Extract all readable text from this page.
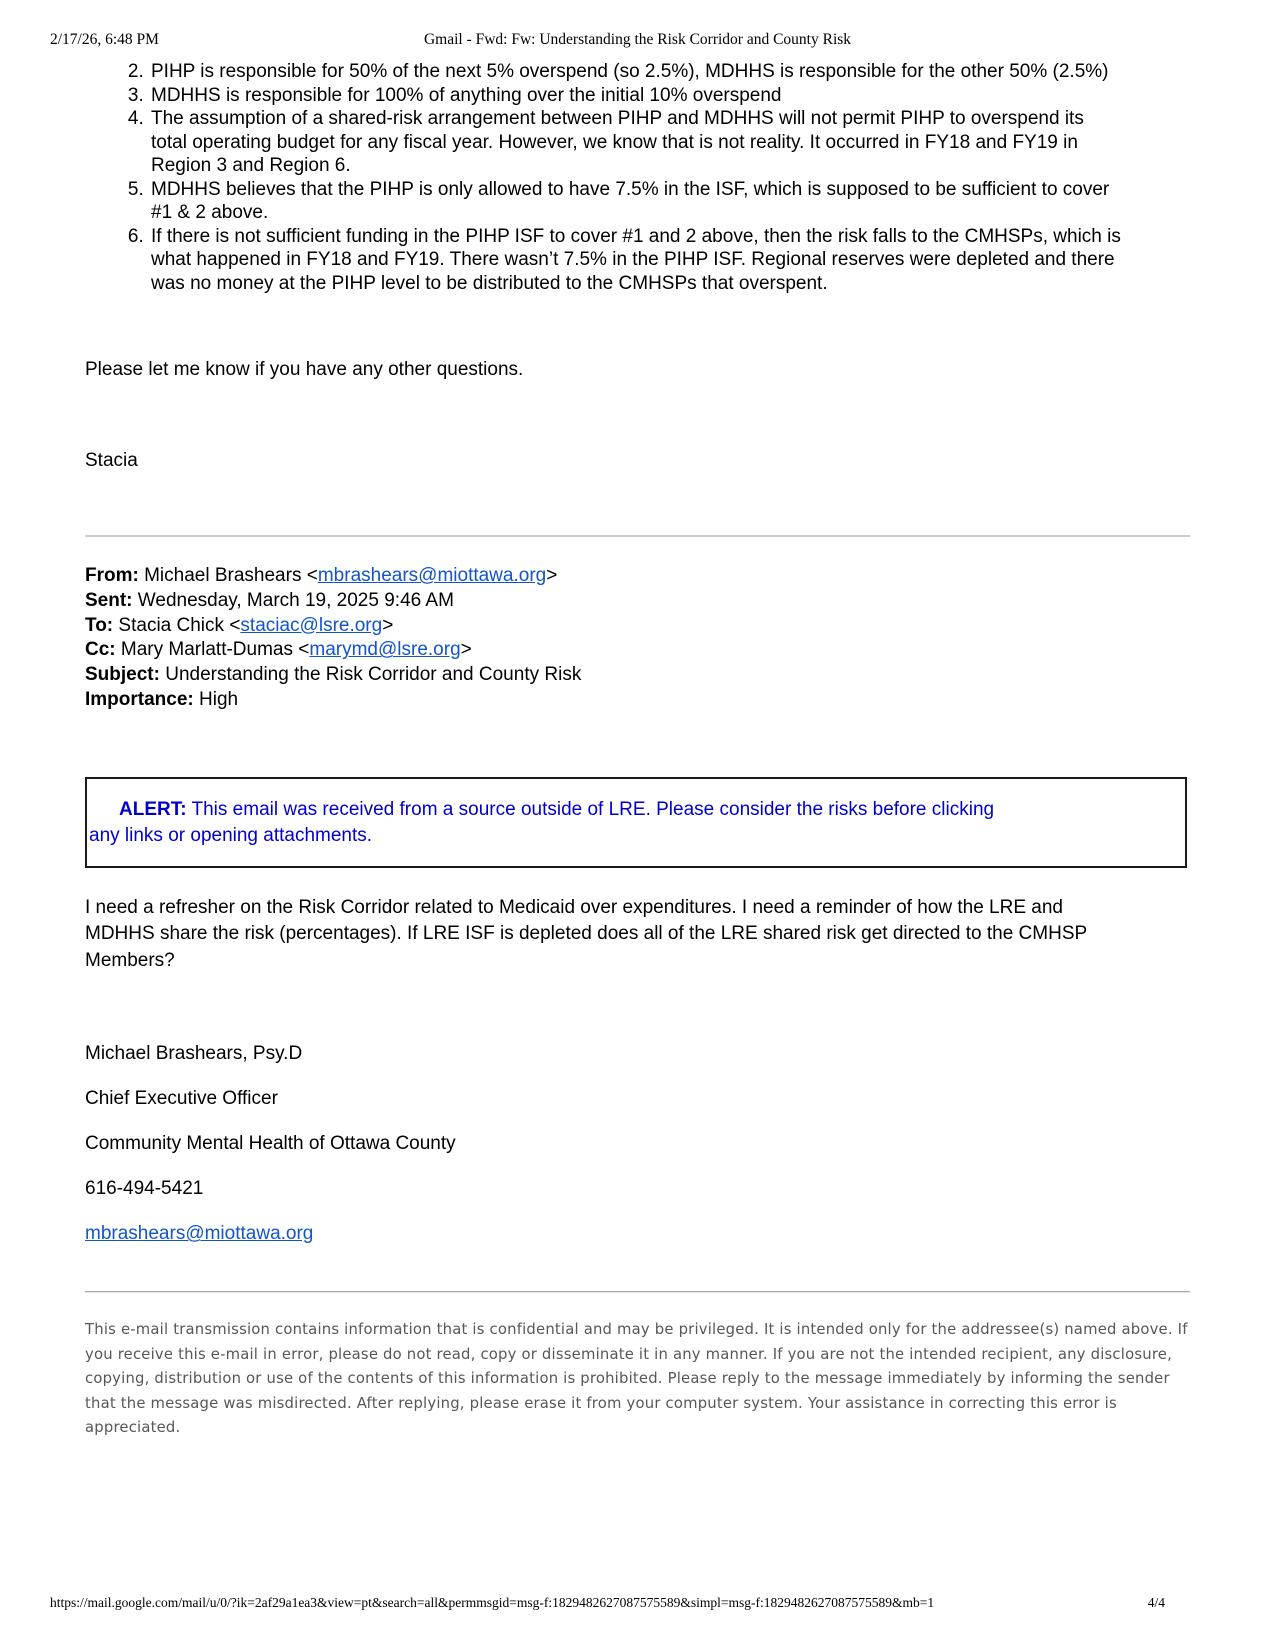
2/17/26, 6:48 PM	Gmail - Fwd: Fw: Understanding the Risk Corridor and County Risk
2. PIHP is responsible for 50% of the next 5% overspend (so 2.5%), MDHHS is responsible for the other 50% (2.5%)
3. MDHHS is responsible for 100% of anything over the initial 10% overspend
4. The assumption of a shared-risk arrangement between PIHP and MDHHS will not permit PIHP to overspend its total operating budget for any fiscal year. However, we know that is not reality. It occurred in FY18 and FY19 in Region 3 and Region 6.
5. MDHHS believes that the PIHP is only allowed to have 7.5% in the ISF, which is supposed to be sufficient to cover #1 & 2 above.
6. If there is not sufficient funding in the PIHP ISF to cover #1 and 2 above, then the risk falls to the CMHSPs, which is what happened in FY18 and FY19. There wasn’t 7.5% in the PIHP ISF. Regional reserves were depleted and there was no money at the PIHP level to be distributed to the CMHSPs that overspent.

Please let me know if you have any other questions.

Stacia

From: Michael Brashears <mbrashears@miottawa.org>

Sent: Wednesday, March 19, 2025 9:46 AM

To: Stacia Chick <staciac@lsre.org>

Cc: Mary Marlatt-Dumas <marymd@lsre.org>

Subject: Understanding the Risk Corridor and County Risk

Importance: High

ALERT: This email was received from a source outside of LRE. Please consider the risks before clicking
any links or opening attachments.

I need a refresher on the Risk Corridor related to Medicaid over expenditures. I need a reminder of how the LRE and MDHHS share the risk (percentages). If LRE ISF is depleted does all of the LRE shared risk get directed to the CMHSP Members?

Michael Brashears, Psy.D

Chief Executive Officer

Community Mental Health of Ottawa County

616-494-5421

mbrashears@miottawa.org

This e-mail transmission contains information that is confidential and may be privileged. It is intended only for the addressee(s) named above. If you receive this e-mail in error, please do not read, copy or disseminate it in any manner. If you are not the intended recipient, any disclosure, copying, distribution or use of the contents of this information is prohibited. Please reply to the message immediately by informing the sender that the message was misdirected. After replying, please erase it from your computer system. Your assistance in correcting this error is appreciated.

https://mail.google.com/mail/u/0/?ik=2af29a1ea3&view=pt&search=all&permmsgid=msg-f:1829482627087575589&simpl=msg-f:1829482627087575589&mb=1	4/4
